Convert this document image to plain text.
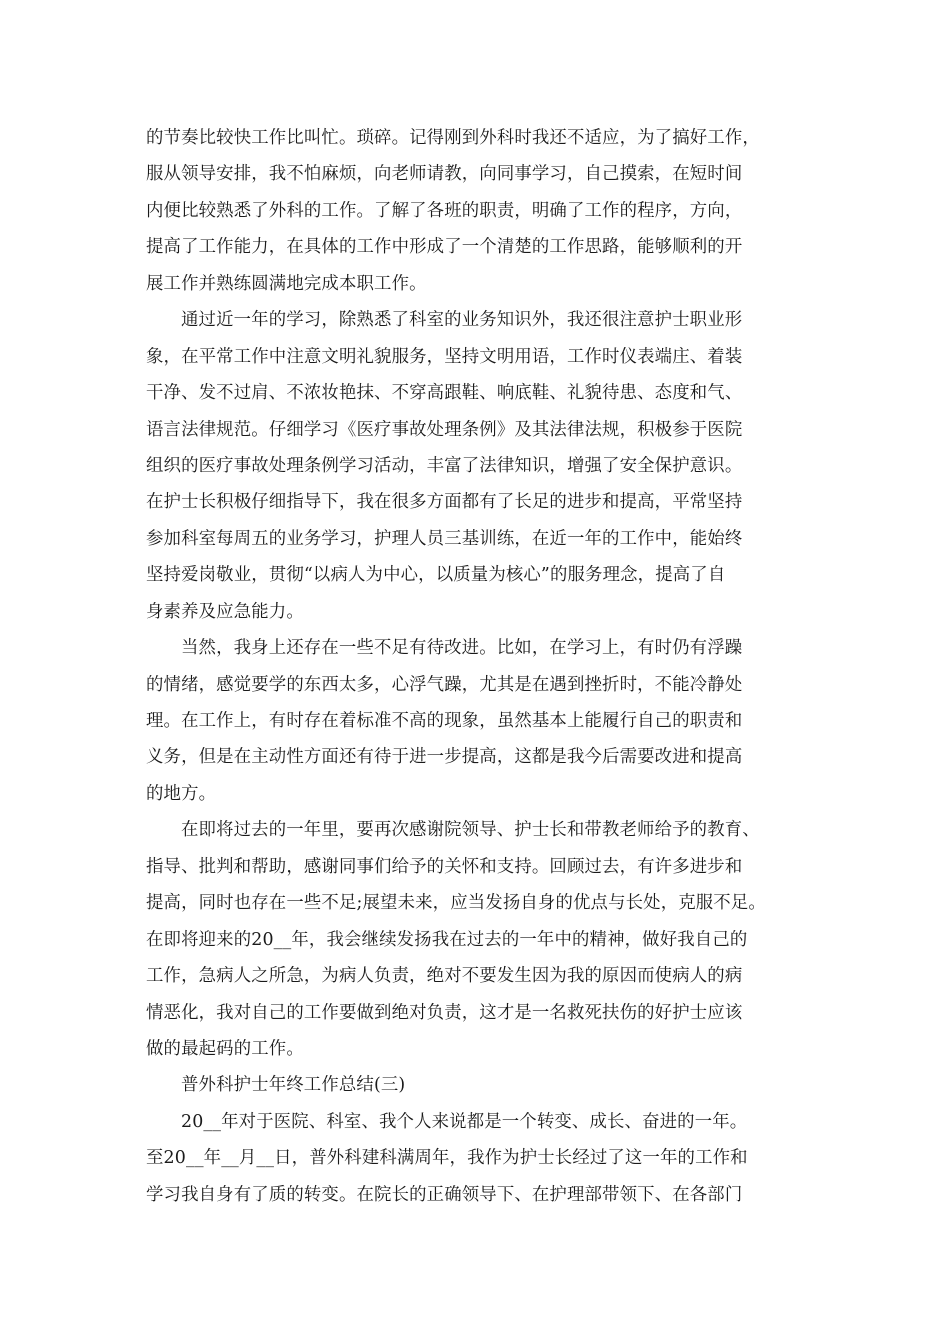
的节奏比较快工作比叫忙。琐碎。记得刚到外科时我还不适应，为了搞好工作，
服从领导安排，我不怕麻烦，向老师请教，向同事学习，自己摸索，在短时间
内便比较熟悉了外科的工作。了解了各班的职责，明确了工作的程序，方向，
提高了工作能力，在具体的工作中形成了一个清楚的工作思路，能够顺利的开
展工作并熟练圆满地完成本职工作。
通过近一年的学习，除熟悉了科室的业务知识外，我还很注意护士职业形
象，在平常工作中注意文明礼貌服务，坚持文明用语，工作时仪表端庄、着装
干净、发不过肩、不浓妆艳抹、不穿高跟鞋、响底鞋、礼貌待患、态度和气、
语言法律规范。仔细学习《医疗事故处理条例》及其法律法规，积极参于医院
组织的医疗事故处理条例学习活动，丰富了法律知识，增强了安全保护意识。
在护士长积极仔细指导下，我在很多方面都有了长足的进步和提高，平常坚持
参加科室每周五的业务学习，护理人员三基训练，在近一年的工作中，能始终
坚持爱岗敬业，贯彻“以病人为中心，以质量为核心”的服务理念，提高了自
身素养及应急能力。
当然，我身上还存在一些不足有待改进。比如，在学习上，有时仍有浮躁
的情绪，感觉要学的东西太多，心浮气躁，尤其是在遇到挫折时，不能冷静处
理。在工作上，有时存在着标准不高的现象，虽然基本上能履行自己的职责和
义务，但是在主动性方面还有待于进一步提高，这都是我今后需要改进和提高
的地方。
在即将过去的一年里，要再次感谢院领导、护士长和带教老师给予的教育、
指导、批判和帮助，感谢同事们给予的关怀和支持。回顾过去，有许多进步和
提高，同时也存在一些不足;展望未来，应当发扬自身的优点与长处，克服不足。
在即将迎来的20__年，我会继续发扬我在过去的一年中的精神，做好我自己的
工作，急病人之所急，为病人负责，绝对不要发生因为我的原因而使病人的病
情恶化，我对自己的工作要做到绝对负责，这才是一名救死扶伤的好护士应该
做的最起码的工作。
普外科护士年终工作总结(三)
20__年对于医院、科室、我个人来说都是一个转变、成长、奋进的一年。
至20__年__月__日，普外科建科满周年，我作为护士长经过了这一年的工作和
学习我自身有了质的转变。在院长的正确领导下、在护理部带领下、在各部门
